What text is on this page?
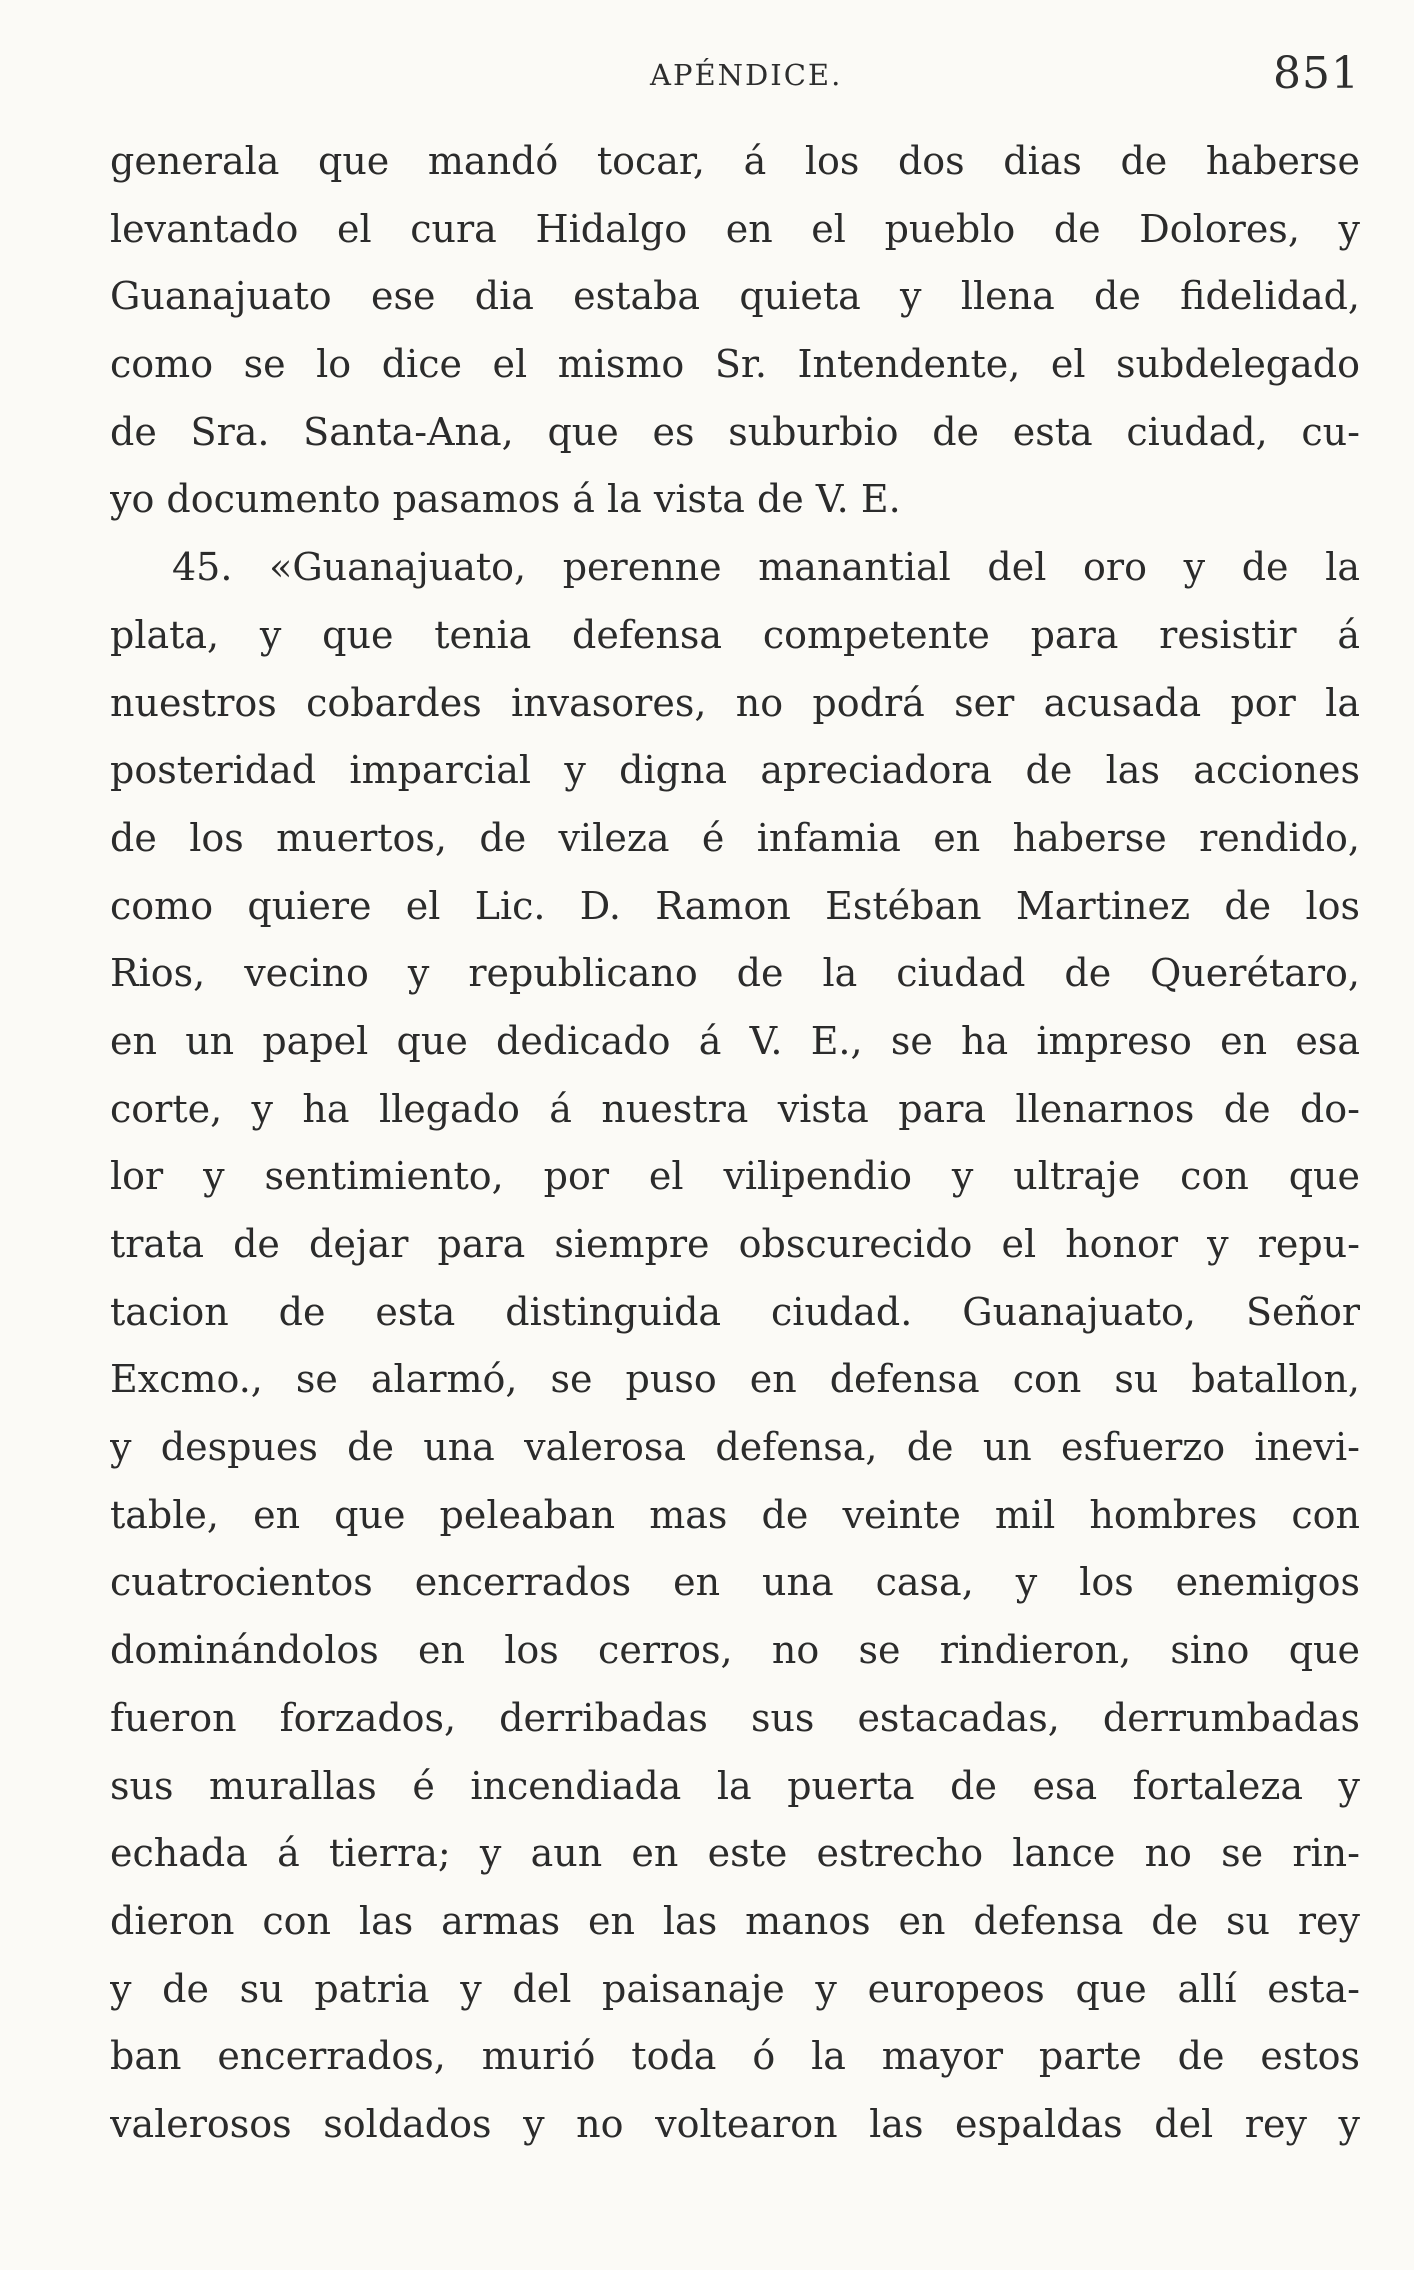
APÉNDICE.	851
generala que mandó tocar, á los dos dias de haberse
levantado el cura Hidalgo en el pueblo de Dolores, y
Guanajuato ese dia estaba quieta y llena de fidelidad,
como se lo dice el mismo Sr. Intendente, el subdelegado
de Sra. Santa-Ana, que es suburbio de esta ciudad, cu-
yo documento pasamos á la vista de V. E.
45. «Guanajuato, perenne manantial del oro y de la
plata, y que tenia defensa competente para resistir á
nuestros cobardes invasores, no podrá ser acusada por la
posteridad imparcial y digna apreciadora de las acciones
de los muertos, de vileza é infamia en haberse rendido,
como quiere el Lic. D. Ramon Estéban Martinez de los
Rios, vecino y republicano de la ciudad de Querétaro,
en un papel que dedicado á V. E., se ha impreso en esa
corte, y ha llegado á nuestra vista para llenarnos de do-
lor y sentimiento, por el vilipendio y ultraje con que
trata de dejar para siempre obscurecido el honor y repu-
tacion de esta distinguida ciudad. Guanajuato, Señor
Excmo., se alarmó, se puso en defensa con su batallon,
y despues de una valerosa defensa, de un esfuerzo inevi-
table, en que peleaban mas de veinte mil hombres con
cuatrocientos encerrados en una casa, y los enemigos
dominándolos en los cerros, no se rindieron, sino que
fueron forzados, derribadas sus estacadas, derrumbadas
sus murallas é incendiada la puerta de esa fortaleza y
echada á tierra; y aun en este estrecho lance no se rin-
dieron con las armas en las manos en defensa de su rey
y de su patria y del paisanaje y europeos que allí esta-
ban encerrados, murió toda ó la mayor parte de estos
valerosos soldados y no voltearon las espaldas del rey y
